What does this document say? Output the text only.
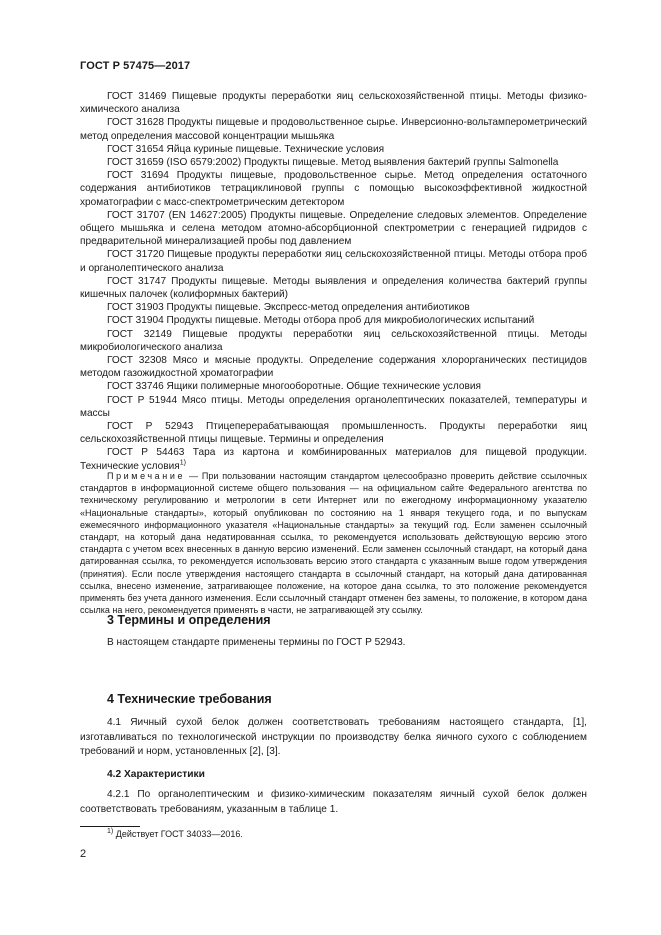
ГОСТ Р 57475—2017

ГОСТ 31469 Пищевые продукты переработки яиц сельскохозяйственной птицы. Методы физико-химического анализа

ГОСТ 31628 Продукты пищевые и продовольственное сырье. Инверсионно-вольтамперометрический метод определения массовой концентрации мышьяка

ГОСТ 31654 Яйца куриные пищевые. Технические условия

ГОСТ 31659 (ISO 6579:2002) Продукты пищевые. Метод выявления бактерий группы Salmonella

ГОСТ 31694 Продукты пищевые, продовольственное сырье. Метод определения остаточного содержания антибиотиков тетрациклиновой группы с помощью высокоэффективной жидкостной хроматографии с масс-спектрометрическим детектором

ГОСТ 31707 (EN 14627:2005) Продукты пищевые. Определение следовых элементов. Определение общего мышьяка и селена методом атомно-абсорбционной спектрометрии с генерацией гидридов с предварительной минерализацией пробы под давлением

ГОСТ 31720 Пищевые продукты переработки яиц сельскохозяйственной птицы. Методы отбора проб и органолептического анализа

ГОСТ 31747 Продукты пищевые. Методы выявления и определения количества бактерий группы кишечных палочек (колиформных бактерий)

ГОСТ 31903 Продукты пищевые. Экспресс-метод определения антибиотиков

ГОСТ 31904 Продукты пищевые. Методы отбора проб для микробиологических испытаний

ГОСТ 32149 Пищевые продукты переработки яиц сельскохозяйственной птицы. Методы микробиологического анализа

ГОСТ 32308 Мясо и мясные продукты. Определение содержания хлорорганических пестицидов методом газожидкостной хроматографии

ГОСТ 33746 Ящики полимерные многооборотные. Общие технические условия

ГОСТ Р 51944 Мясо птицы. Методы определения органолептических показателей, температуры и массы

ГОСТ Р 52943 Птицеперерабатывающая промышленность. Продукты переработки яиц сельскохозяйственной птицы пищевые. Термины и определения

ГОСТ Р 54463 Тара из картона и комбинированных материалов для пищевой продукции. Технические условия$^{1)}$

Примечание — При пользовании настоящим стандартом целесообразно проверить действие ссылочных стандартов в информационной системе общего пользования — на официальном сайте Федерального агентства по техническому регулированию и метрологии в сети Интернет или по ежегодному информационному указателю «Национальные стандарты», который опубликован по состоянию на 1 января текущего года, и по выпускам ежемесячного информационного указателя «Национальные стандарты» за текущий год. Если заменен ссылочный стандарт, на который дана недатированная ссылка, то рекомендуется использовать действующую версию этого стандарта с учетом всех внесенных в данную версию изменений. Если заменен ссылочный стандарт, на который дана датированная ссылка, то рекомендуется использовать версию этого стандарта с указанным выше годом утверждения (принятия). Если после утверждения настоящего стандарта в ссылочный стандарт, на который дана датированная ссылка, внесено изменение, затрагивающее положение, на которое дана ссылка, то это положение рекомендуется применять без учета данного изменения. Если ссылочный стандарт отменен без замены, то положение, в котором дана ссылка на него, рекомендуется применять в части, не затрагивающей эту ссылку.

3 Термины и определения

В настоящем стандарте применены термины по ГОСТ Р 52943.

4 Технические требования

4.1 Яичный сухой белок должен соответствовать требованиям настоящего стандарта, [1], изготавливаться по технологической инструкции по производству белка яичного сухого с соблюдением требований и норм, установленных [2], [3].

4.2 Характеристики

4.2.1 По органолептическим и физико-химическим показателям яичный сухой белок должен соответствовать требованиям, указанным в таблице 1.

$^{1)}$ Действует ГОСТ 34033—2016.
2
